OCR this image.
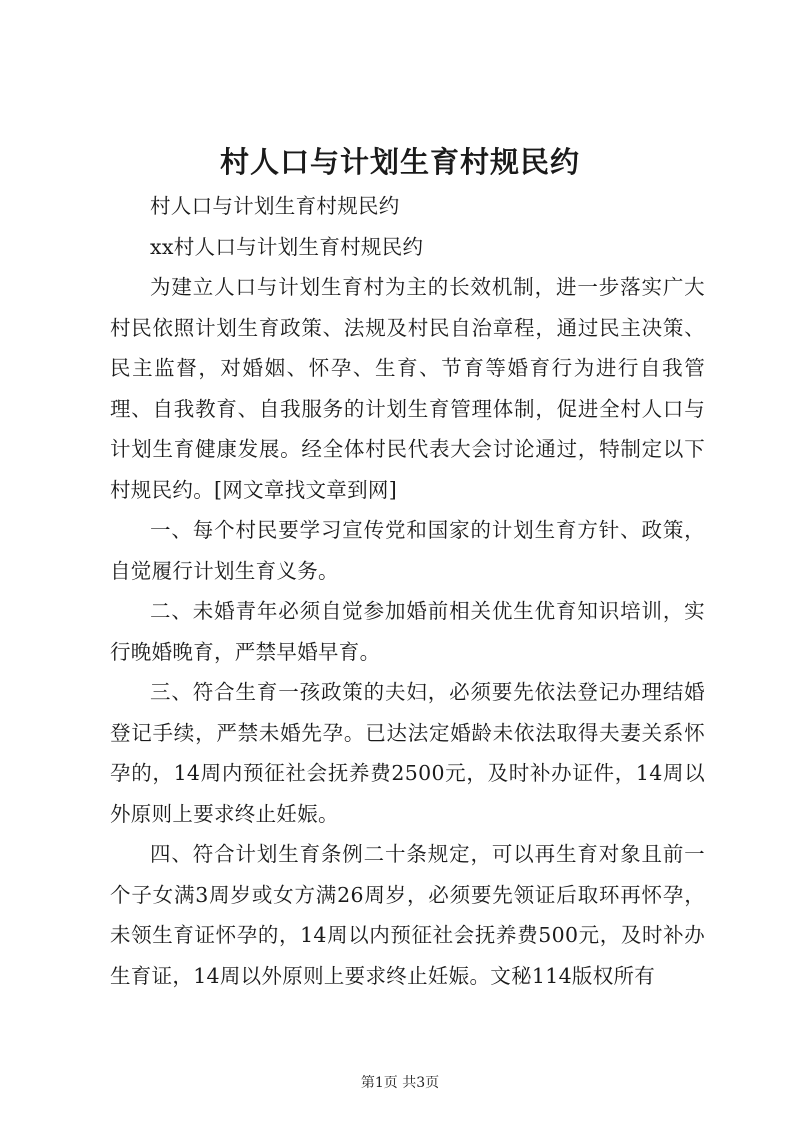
村人口与计划生育村规民约

村人口与计划生育村规民约

xx村人口与计划生育村规民约

为建立人口与计划生育村为主的长效机制，进一步落实广大村民依照计划生育政策、法规及村民自治章程，通过民主决策、民主监督，对婚姻、怀孕、生育、节育等婚育行为进行自我管理、自我教育、自我服务的计划生育管理体制，促进全村人口与计划生育健康发展。经全体村民代表大会讨论通过，特制定以下村规民约。[网文章找文章到网]

一、每个村民要学习宣传党和国家的计划生育方针、政策，自觉履行计划生育义务。

二、未婚青年必须自觉参加婚前相关优生优育知识培训，实行晚婚晚育，严禁早婚早育。

三、符合生育一孩政策的夫妇，必须要先依法登记办理结婚登记手续，严禁未婚先孕。已达法定婚龄未依法取得夫妻关系怀孕的，14周内预征社会抚养费2500元，及时补办证件，14周以外原则上要求终止妊娠。

四、符合计划生育条例二十条规定，可以再生育对象且前一个子女满3周岁或女方满26周岁，必须要先领证后取环再怀孕，未领生育证怀孕的，14周以内预征社会抚养费500元，及时补办生育证，14周以外原则上要求终止妊娠。文秘114版权所有

第1页 共3页
